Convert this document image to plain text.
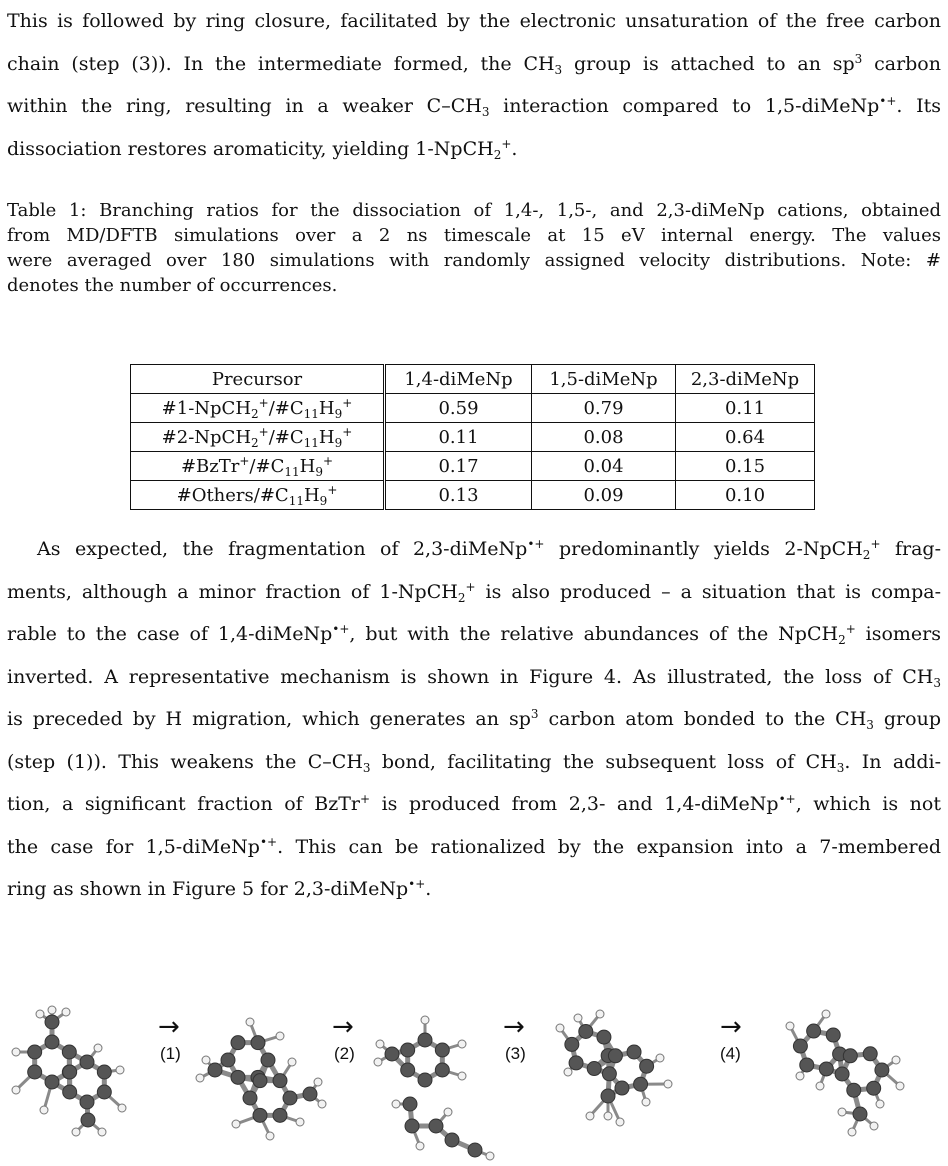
This is followed by ring closure, facilitated by the electronic unsaturation of the free carbon
chain (step (3)). In the intermediate formed, the $CH_3$ group is attached to an $sp^3$ carbon
within the ring, resulting in a weaker $C-CH_3$ interaction compared to 1,5-diMeNp•+. Its
dissociation restores aromaticity, yielding 1-NpCH$_2$+.

Table 1: Branching ratios for the dissociation of 1,4-, 1,5-, and 2,3-diMeNp cations, obtained
from MD/DFTB simulations over a 2 ns timescale at 15 eV internal energy. The values
were averaged over 180 simulations with randomly assigned velocity distributions. Note: #
denotes the number of occurrences.

Precursor	1,4-diMeNp	1,5-diMeNp	2,3-diMeNp
$\#1-NpCH_2^+/\#C_{11}H_9^+$	0.59	0.79	0.11
$\#2-NpCH_2^+/\#C_{11}H_9^+$	0.11	0.08	0.64
$\#BzTr^+/\#C_{11}H_9^+$	0.17	0.04	0.15
$\#Others/\#C_{11}H_9^+$	0.13	0.09	0.10

As expected, the fragmentation of 2,3-diMeNp•+ predominantly yields 2-NpCH$_2$+ frag-
ments, although a minor fraction of 1-NpCH$_2$+ is also produced – a situation that is compa-
rable to the case of 1,4-diMeNp•+, but with the relative abundances of the NpCH$_2$+ isomers
inverted. A representative mechanism is shown in Figure 4. As illustrated, the loss of $CH_3$
is preceded by H migration, which generates an $sp^3$ carbon atom bonded to the $CH_3$ group
(step (1)). This weakens the $C-CH_3$ bond, facilitating the subsequent loss of $CH_3$. In addi-
tion, a significant fraction of BzTr+ is produced from 2,3- and 1,4-diMeNp•+, which is not
the case for 1,5-diMeNp•+. This can be rationalized by the expansion into a 7-membered
ring as shown in Figure 5 for 2,3-diMeNp•+.

→
(1)
→
(2)
→
(3)
→
(4)
